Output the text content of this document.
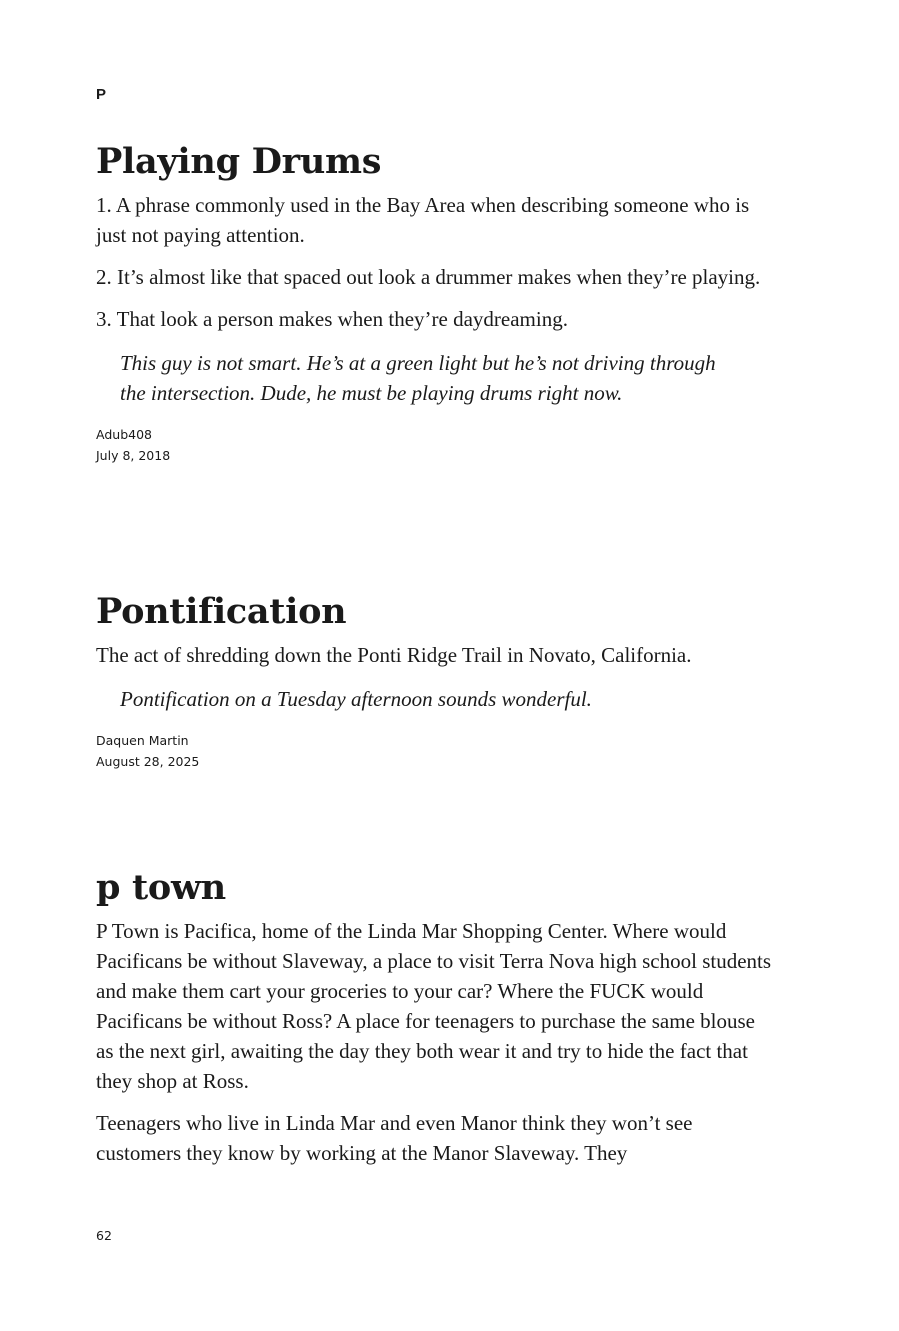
P
Playing Drums

1. A phrase commonly used in the Bay Area when describing someone who is just not paying attention.

2. It’s almost like that spaced out look a drummer makes when they’re playing.

3. That look a person makes when they’re daydreaming.

This guy is not smart. He’s at a green light but he’s not driving through the intersection. Dude, he must be playing drums right now.

Adub408
July 8, 2018
Pontification

The act of shredding down the Ponti Ridge Trail in Novato, California.

Pontification on a Tuesday afternoon sounds wonderful.

Daquen Martin
August 28, 2025
p town

P Town is Pacifica, home of the Linda Mar Shopping Center. Where would Pacificans be without Slaveway, a place to visit Terra Nova high school students and make them cart your groceries to your car? Where the FUCK would Pacificans be without Ross? A place for teenagers to purchase the same blouse as the next girl, awaiting the day they both wear it and try to hide the fact that they shop at Ross.

Teenagers who live in Linda Mar and even Manor think they won’t see customers they know by working at the Manor Slaveway. They

62
